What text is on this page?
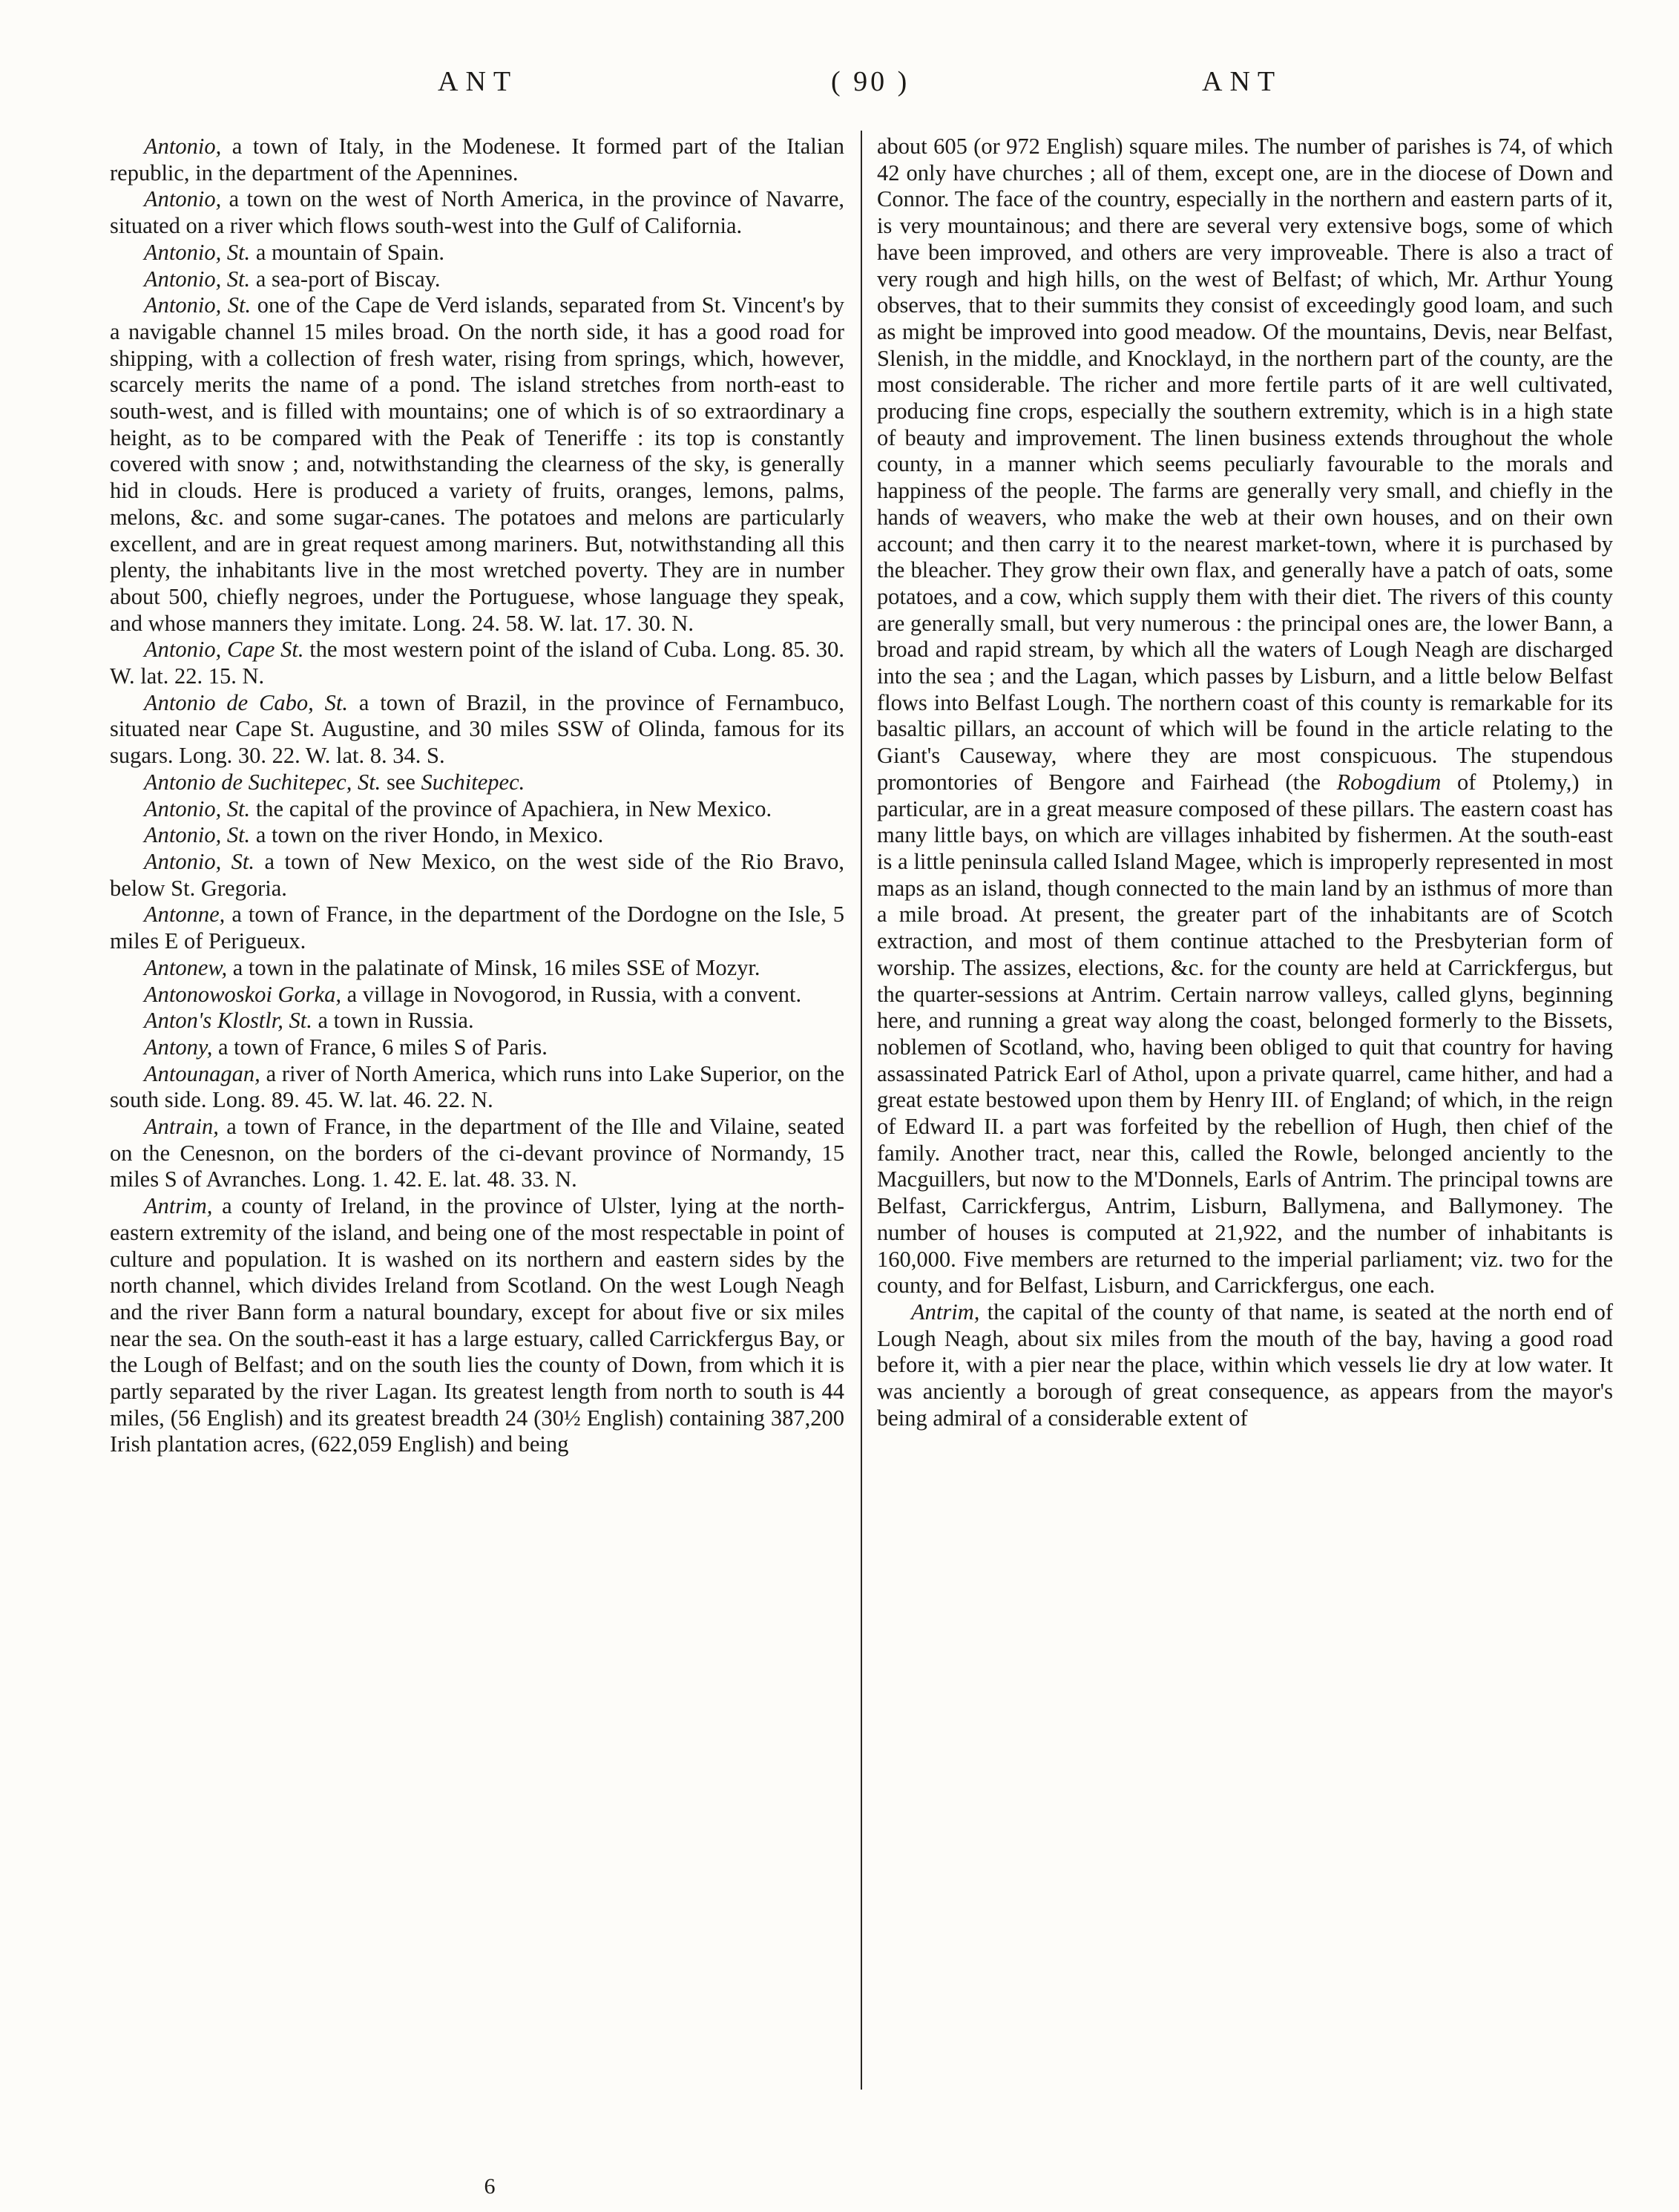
ANT	( 90 )	ANT

Antonio, a town of Italy, in the Modenese. It formed part of the Italian republic, in the department of the Apennines.

Antonio, a town on the west of North America, in the province of Navarre, situated on a river which flows south-west into the Gulf of California.

Antonio, St. a mountain of Spain.

Antonio, St. a sea-port of Biscay.

Antonio, St. one of the Cape de Verd islands, separated from St. Vincent's by a navigable channel 15 miles broad. On the north side, it has a good road for shipping, with a collection of fresh water, rising from springs, which, however, scarcely merits the name of a pond. The island stretches from north-east to south-west, and is filled with mountains; one of which is of so extraordinary a height, as to be compared with the Peak of Teneriffe : its top is constantly covered with snow ; and, notwithstanding the clearness of the sky, is generally hid in clouds. Here is produced a variety of fruits, oranges, lemons, palms, melons, &c. and some sugar-canes. The potatoes and melons are particularly excellent, and are in great request among mariners. But, notwithstanding all this plenty, the inhabitants live in the most wretched poverty. They are in number about 500, chiefly negroes, under the Portuguese, whose language they speak, and whose manners they imitate. Long. 24. 58. W. lat. 17. 30. N.

Antonio, Cape St. the most western point of the island of Cuba. Long. 85. 30. W. lat. 22. 15. N.

Antonio de Cabo, St. a town of Brazil, in the province of Fernambuco, situated near Cape St. Augustine, and 30 miles SSW of Olinda, famous for its sugars. Long. 30. 22. W. lat. 8. 34. S.

Antonio de Suchitepec, St. see Suchitepec.

Antonio, St. the capital of the province of Apachiera, in New Mexico.

Antonio, St. a town on the river Hondo, in Mexico.

Antonio, St. a town of New Mexico, on the west side of the Rio Bravo, below St. Gregoria.

Antonne, a town of France, in the department of the Dordogne on the Isle, 5 miles E of Perigueux.

Antonew, a town in the palatinate of Minsk, 16 miles SSE of Mozyr.

Antonowoskoi Gorka, a village in Novogorod, in Russia, with a convent.

Anton's Klostlr, St. a town in Russia.

Antony, a town of France, 6 miles S of Paris.

Antounagan, a river of North America, which runs into Lake Superior, on the south side. Long. 89. 45. W. lat. 46. 22. N.

Antrain, a town of France, in the department of the Ille and Vilaine, seated on the Cenesnon, on the borders of the ci-devant province of Normandy, 15 miles S of Avranches. Long. 1. 42. E. lat. 48. 33. N.

Antrim, a county of Ireland, in the province of Ulster, lying at the north-eastern extremity of the island, and being one of the most respectable in point of culture and population. It is washed on its northern and eastern sides by the north channel, which divides Ireland from Scotland. On the west Lough Neagh and the river Bann form a natural boundary, except for about five or six miles near the sea. On the south-east it has a large estuary, called Carrickfergus Bay, or the Lough of Belfast; and on the south lies the county of Down, from which it is partly separated by the river Lagan. Its greatest length from north to south is 44 miles, (56 English) and its greatest breadth 24 (30½ English) containing 387,200 Irish plantation acres, (622,059 English) and being

about 605 (or 972 English) square miles. The number of parishes is 74, of which 42 only have churches ; all of them, except one, are in the diocese of Down and Connor. The face of the country, especially in the northern and eastern parts of it, is very mountainous; and there are several very extensive bogs, some of which have been improved, and others are very improveable. There is also a tract of very rough and high hills, on the west of Belfast; of which, Mr. Arthur Young observes, that to their summits they consist of exceedingly good loam, and such as might be improved into good meadow. Of the mountains, Devis, near Belfast, Slenish, in the middle, and Knocklayd, in the northern part of the county, are the most considerable. The richer and more fertile parts of it are well cultivated, producing fine crops, especially the southern extremity, which is in a high state of beauty and improvement. The linen business extends throughout the whole county, in a manner which seems peculiarly favourable to the morals and happiness of the people. The farms are generally very small, and chiefly in the hands of weavers, who make the web at their own houses, and on their own account; and then carry it to the nearest market-town, where it is purchased by the bleacher. They grow their own flax, and generally have a patch of oats, some potatoes, and a cow, which supply them with their diet. The rivers of this county are generally small, but very numerous : the principal ones are, the lower Bann, a broad and rapid stream, by which all the waters of Lough Neagh are discharged into the sea ; and the Lagan, which passes by Lisburn, and a little below Belfast flows into Belfast Lough. The northern coast of this county is remarkable for its basaltic pillars, an account of which will be found in the article relating to the Giant's Causeway, where they are most conspicuous. The stupendous promontories of Bengore and Fairhead (the Robogdium of Ptolemy,) in particular, are in a great measure composed of these pillars. The eastern coast has many little bays, on which are villages inhabited by fishermen. At the south-east is a little peninsula called Island Magee, which is improperly represented in most maps as an island, though connected to the main land by an isthmus of more than a mile broad. At present, the greater part of the inhabitants are of Scotch extraction, and most of them continue attached to the Presbyterian form of worship. The assizes, elections, &c. for the county are held at Carrickfergus, but the quarter-sessions at Antrim. Certain narrow valleys, called glyns, beginning here, and running a great way along the coast, belonged formerly to the Bissets, noblemen of Scotland, who, having been obliged to quit that country for having assassinated Patrick Earl of Athol, upon a private quarrel, came hither, and had a great estate bestowed upon them by Henry III. of England; of which, in the reign of Edward II. a part was forfeited by the rebellion of Hugh, then chief of the family. Another tract, near this, called the Rowle, belonged anciently to the Macguillers, but now to the M'Donnels, Earls of Antrim. The principal towns are Belfast, Carrickfergus, Antrim, Lisburn, Ballymena, and Ballymoney. The number of houses is computed at 21,922, and the number of inhabitants is 160,000. Five members are returned to the imperial parliament; viz. two for the county, and for Belfast, Lisburn, and Carrickfergus, one each.

Antrim, the capital of the county of that name, is seated at the north end of Lough Neagh, about six miles from the mouth of the bay, having a good road before it, with a pier near the place, within which vessels lie dry at low water. It was anciently a borough of great consequence, as appears from the mayor's being admiral of a considerable extent of

6
